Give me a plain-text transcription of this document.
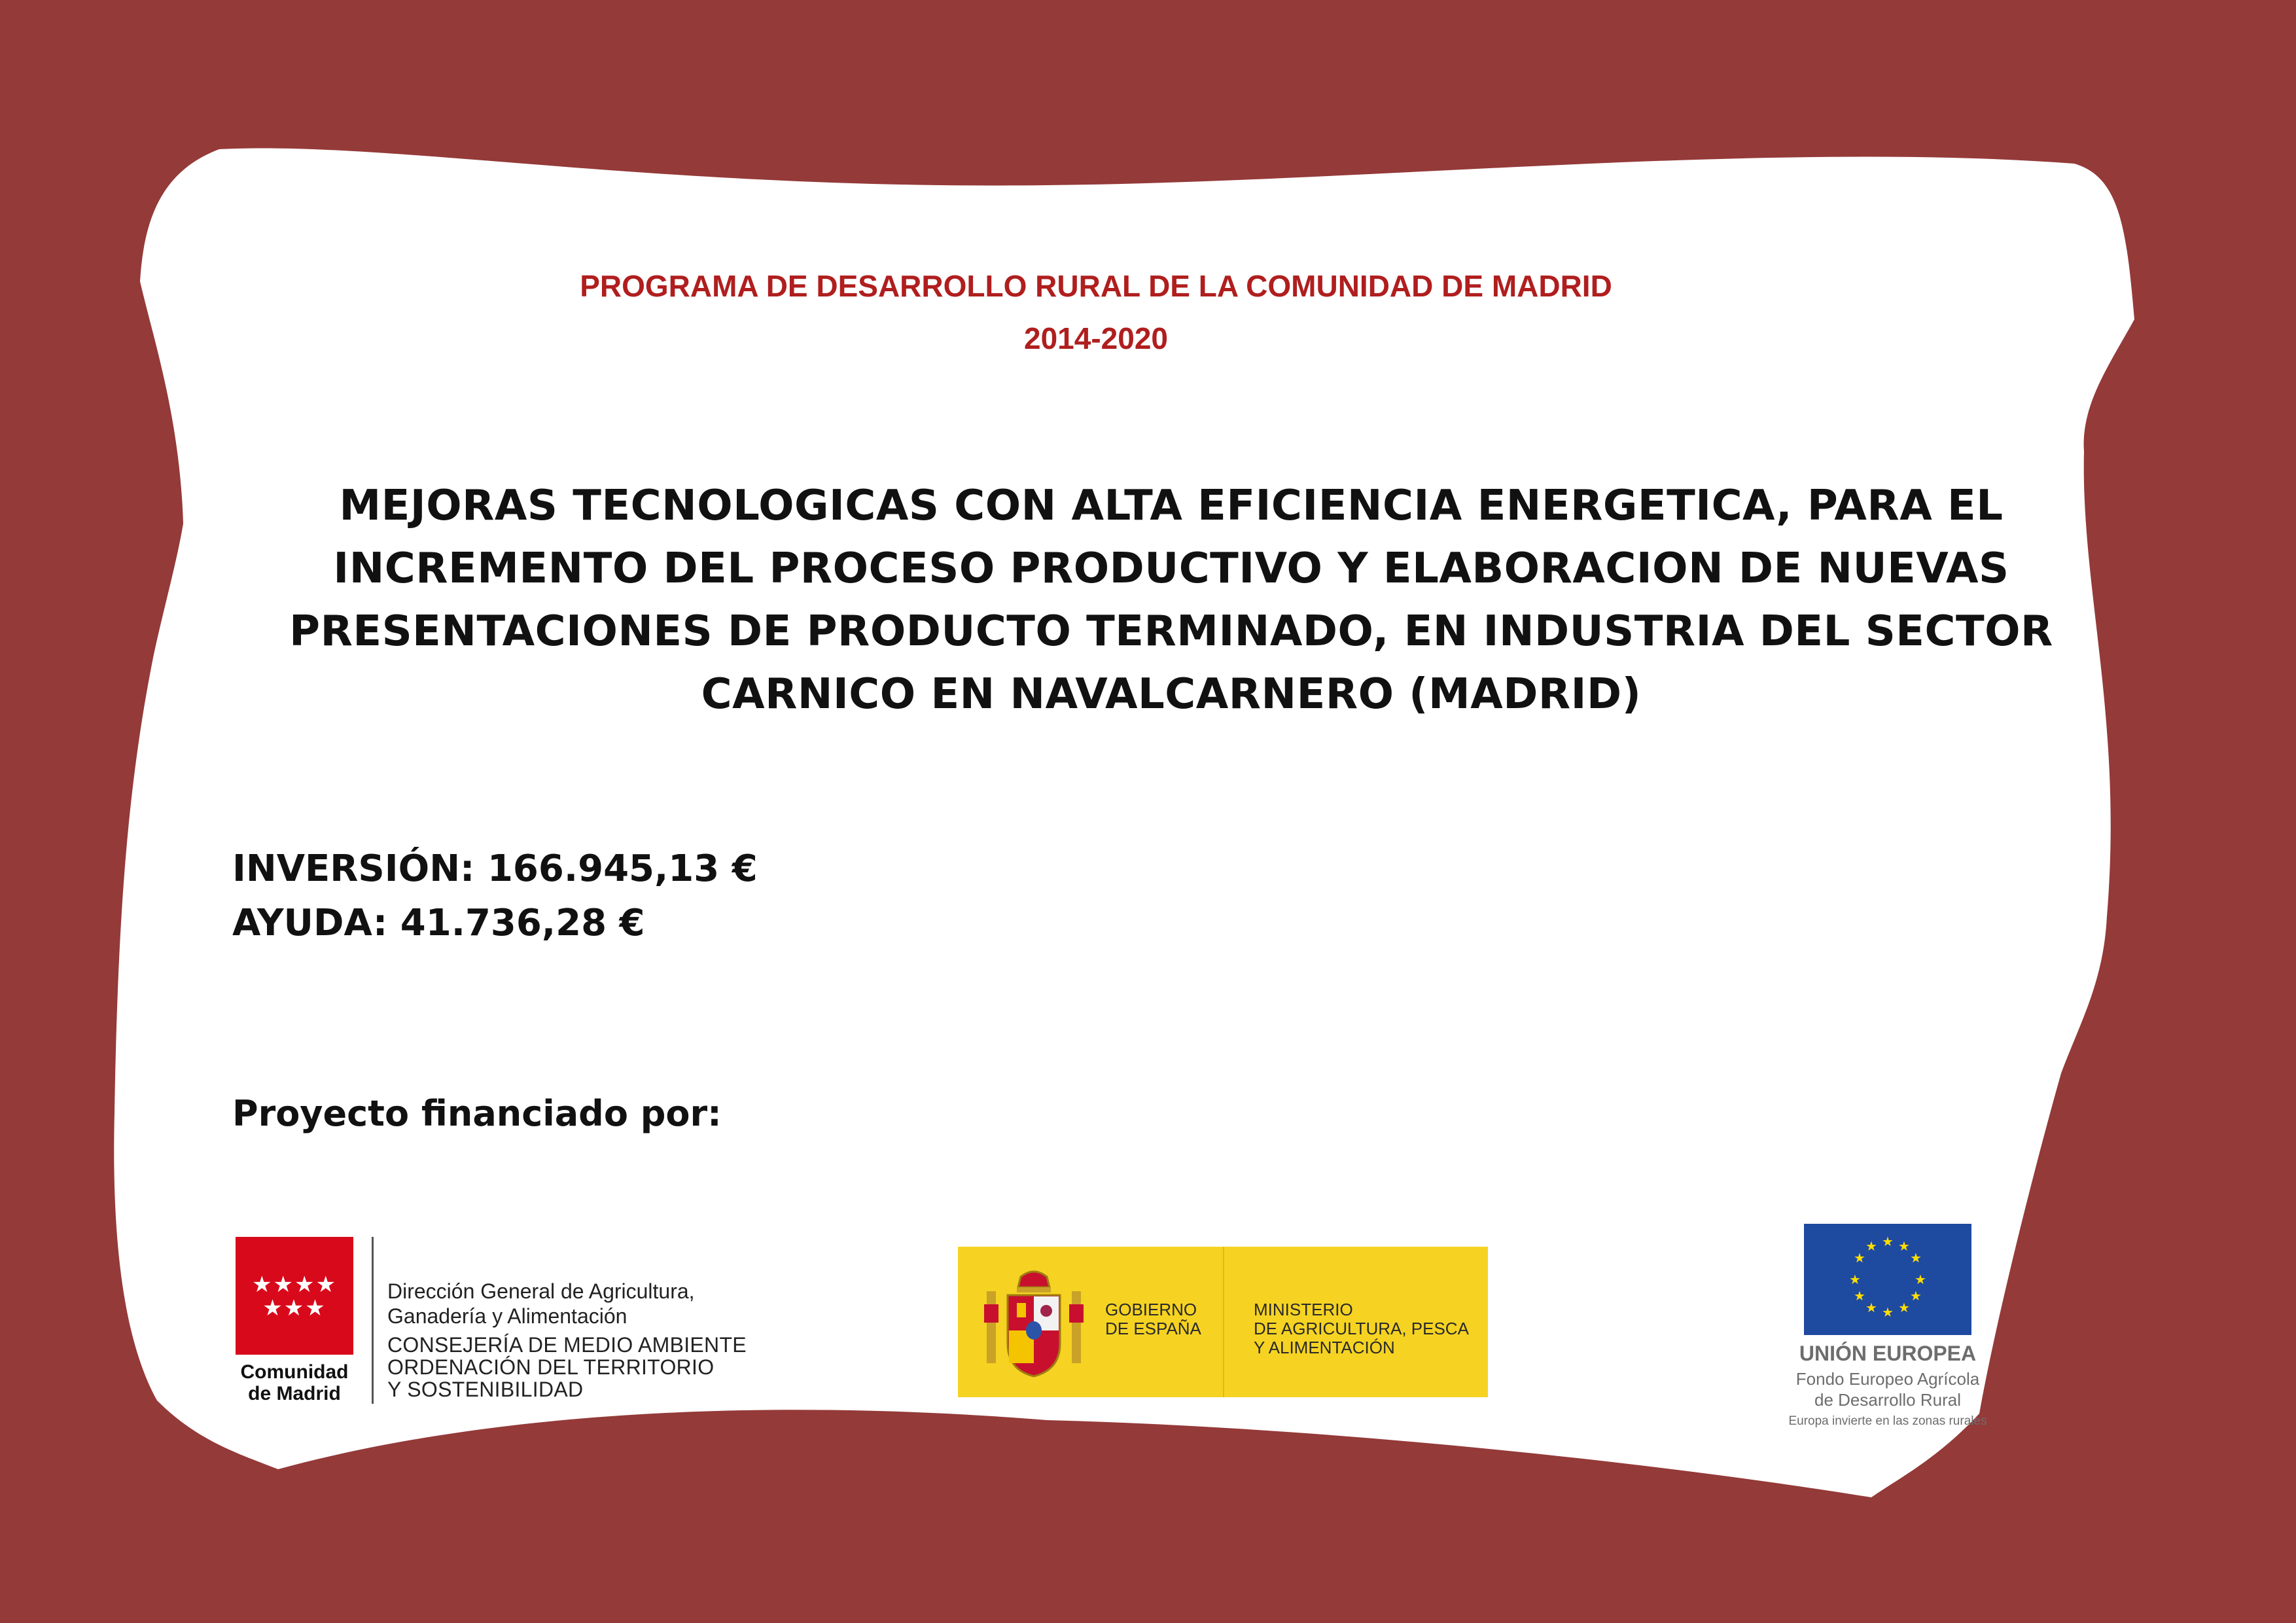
PROGRAMA DE DESARROLLO RURAL DE LA COMUNIDAD DE MADRID
2014-2020
MEJORAS TECNOLOGICAS CON ALTA EFICIENCIA ENERGETICA, PARA EL
INCREMENTO DEL PROCESO PRODUCTIVO Y ELABORACION DE NUEVAS
PRESENTACIONES DE PRODUCTO TERMINADO, EN INDUSTRIA DEL SECTOR
CARNICO EN NAVALCARNERO (MADRID)
INVERSIÓN: 166.945,13 €
AYUDA: 41.736,28 €
Proyecto financiado por:
★★★★
★★★
Comunidad
de Madrid
Dirección General de Agricultura,
Ganadería y Alimentación
CONSEJERÍA DE MEDIO AMBIENTE
ORDENACIÓN DEL TERRITORIO
Y SOSTENIBILIDAD
GOBIERNO
DE ESPAÑA
MINISTERIO
DE AGRICULTURA, PESCA
Y ALIMENTACIÓN
★ ★
★
★
★
★
★
★
★
★
★
★
UNIÓN EUROPEA
Fondo Europeo Agrícola
de Desarrollo Rural
Europa invierte en las zonas rurales
